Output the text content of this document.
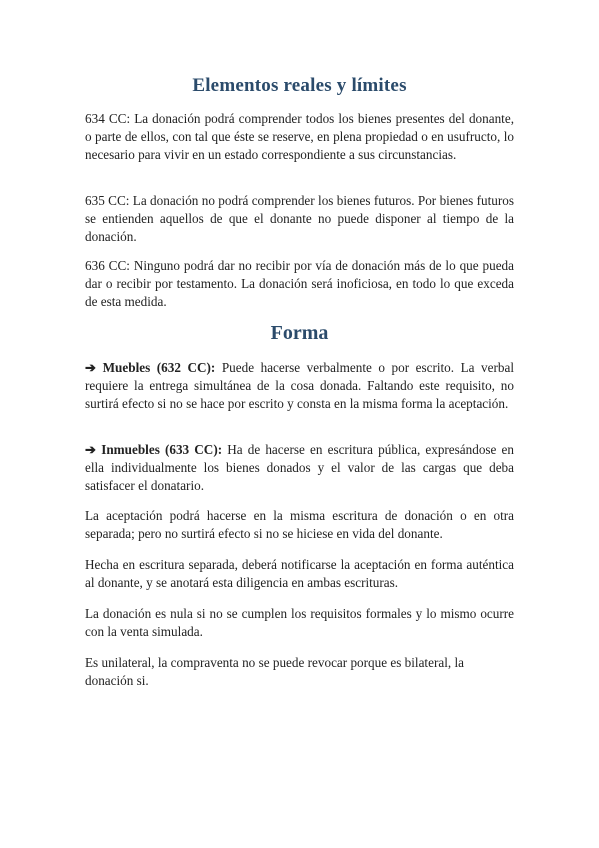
Elementos reales y límites

634 CC: La donación podrá comprender todos los bienes presentes del donante, o parte de ellos, con tal que éste se reserve, en plena propiedad o en usufructo, lo necesario para vivir en un estado correspondiente a sus circunstancias.

635 CC: La donación no podrá comprender los bienes futuros. Por bienes futuros se entienden aquellos de que el donante no puede disponer al tiempo de la donación.

636 CC: Ninguno podrá dar no recibir por vía de donación más de lo que pueda dar o recibir por testamento. La donación será inoficiosa, en todo lo que exceda de esta medida.

Forma

➔ Muebles (632 CC): Puede hacerse verbalmente o por escrito. La verbal requiere la entrega simultánea de la cosa donada. Faltando este requisito, no surtirá efecto si no se hace por escrito y consta en la misma forma la aceptación.

➔ Inmuebles (633 CC): Ha de hacerse en escritura pública, expresándose en ella individualmente los bienes donados y el valor de las cargas que deba satisfacer el donatario.

La aceptación podrá hacerse en la misma escritura de donación o en otra separada; pero no surtirá efecto si no se hiciese en vida del donante.

Hecha en escritura separada, deberá notificarse la aceptación en forma auténtica al donante, y se anotará esta diligencia en ambas escrituras.

La donación es nula si no se cumplen los requisitos formales y lo mismo ocurre con la venta simulada.

Es unilateral, la compraventa no se puede revocar porque es bilateral, la donación si.
